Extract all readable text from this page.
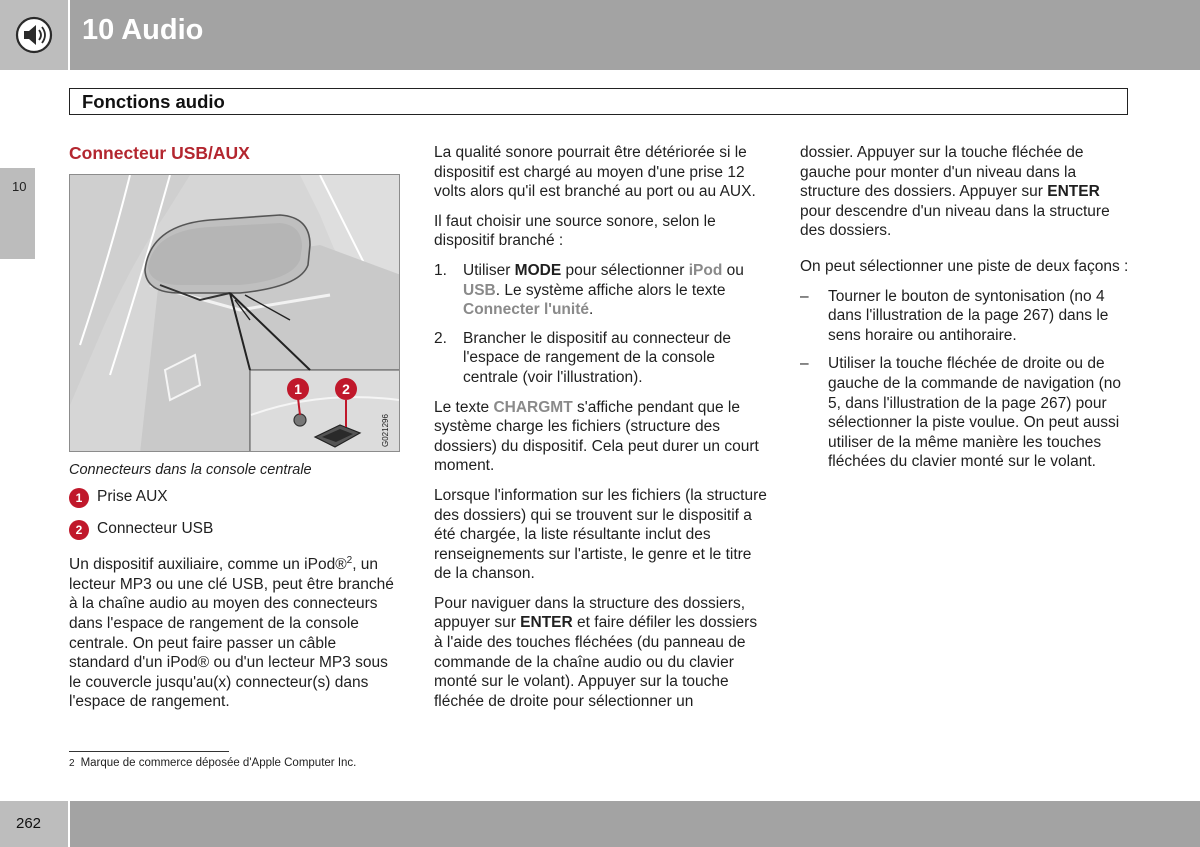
10 Audio
Fonctions audio
10

Connecteur USB/AUX

1	2
G021296

Connecteurs dans la console centrale

1 Prise AUX

2 Connecteur USB

Un dispositif auxiliaire, comme un iPod®$^2$, un lecteur MP3 ou une clé USB, peut être branché à la chaîne audio au moyen des connecteurs dans l'espace de rangement de la console centrale. On peut faire passer un câble standard d'un iPod® ou d'un lecteur MP3 sous le couvercle jusqu'au(x) connecteur(s) dans l'espace de rangement.

La qualité sonore pourrait être détériorée si le dispositif est chargé au moyen d'une prise 12 volts alors qu'il est branché au port ou au AUX.

Il faut choisir une source sonore, selon le dispositif branché :

1. Utiliser MODE pour sélectionner iPod ou USB. Le système affiche alors le texte Connecter l'unité.
2. Brancher le dispositif au connecteur de l'espace de rangement de la console centrale (voir l'illustration).

Le texte CHARGMT s'affiche pendant que le système charge les fichiers (structure des dossiers) du dispositif. Cela peut durer un court moment.

Lorsque l'information sur les fichiers (la structure des dossiers) qui se trouvent sur le dispositif a été chargée, la liste résultante inclut des renseignements sur l'artiste, le genre et le titre de la chanson.

Pour naviguer dans la structure des dossiers, appuyer sur ENTER et faire défiler les dossiers à l'aide des touches fléchées (du panneau de commande de la chaîne audio ou du clavier monté sur le volant). Appuyer sur la touche fléchée de droite pour sélectionner un

dossier. Appuyer sur la touche fléchée de gauche pour monter d'un niveau dans la structure des dossiers. Appuyer sur ENTER pour descendre d'un niveau dans la structure des dossiers.

On peut sélectionner une piste de deux façons :

– Tourner le bouton de syntonisation (no 4 dans l'illustration de la page 267) dans le sens horaire ou antihoraire.
– Utiliser la touche fléchée de droite ou de gauche de la commande de navigation (no 5, dans l'illustration de la page 267) pour sélectionner la piste voulue. On peut aussi utiliser de la même manière les touches fléchées du clavier monté sur le volant.
2 Marque de commerce déposée d'Apple Computer Inc.
262
